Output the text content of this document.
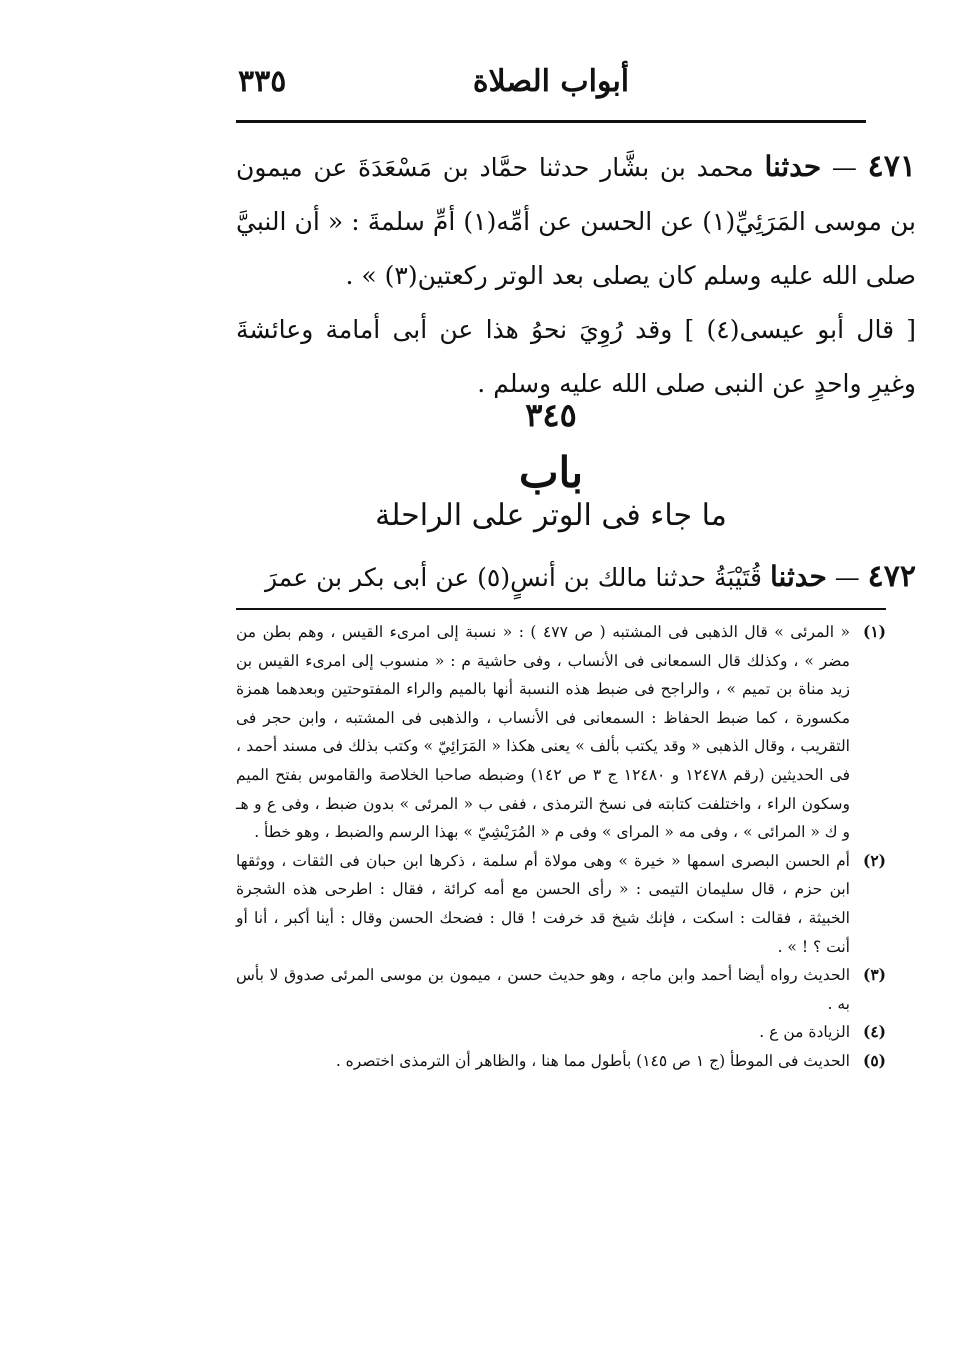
أبواب الصلاة
٣٣٥

٤٧١ — حدثنا محمد بن بشَّار حدثنا حمَّاد بن مَسْعَدَةَ عن ميمون بن موسى المَرَئِيِّ(١) عن الحسن عن أمِّه(١) أمِّ سلمةَ : « أن النبيَّ صلى الله عليه وسلم كان يصلى بعد الوتر ركعتين(٣) » .

[ قال أبو عيسى(٤) ] وقد رُوِيَ نحوُ هذا عن أبى أمامة وعائشةَ وغيرِ واحدٍ عن النبى صلى الله عليه وسلم .

٣٤٥
باب
ما جاء فى الوتر على الراحلة

٤٧٢ — حدثنا قُتَيْبَةُ حدثنا مالك بن أنسٍ(٥) عن أبى بكر بن عمرَ

(١)
« المرئى » قال الذهبى فى المشتبه ( ص ٤٧٧ ) : « نسبة إلى امرىء القيس ، وهم بطن من مضر » ، وكذلك قال السمعانى فى الأنساب ، وفى حاشية م : « منسوب إلى امرىء القيس بن زيد مناة بن تميم » ، والراجح فى ضبط هذه النسبة أنها بالميم والراء المفتوحتين وبعدهما همزة مكسورة ، كما ضبط الحفاظ : السمعانى فى الأنساب ، والذهبى فى المشتبه ، وابن حجر فى التقريب ، وقال الذهبى « وقد يكتب بألف » يعنى هكذا « المَرَائِيّ » وكتب بذلك فى مسند أحمد ، فى الحديثين (رقم ١٢٤٧٨ و ١٢٤٨٠ ج ٣ ص ١٤٢) وضبطه صاحبا الخلاصة والقاموس بفتح الميم وسكون الراء ، واختلفت كتابته فى نسخ الترمذى ، ففى ب « المرئى » بدون ضبط ، وفى ع و هـ و ك « المرائى » ، وفى مه « المراى » وفى م « المُرَيْشِيّ » بهذا الرسم والضبط ، وهو خطأ .

(٢)
أم الحسن البصرى اسمها « خيرة » وهى مولاة أم سلمة ، ذكرها ابن حبان فى الثقات ، ووثقها ابن حزم ، قال سليمان التيمى : « رأى الحسن مع أمه كرائة ، فقال : اطرحى هذه الشجرة الخبيثة ، فقالت : اسكت ، فإنك شيخ قد خرفت ! قال : فضحك الحسن وقال : أينا أكبر ، أنا أو أنت ؟ ! » .

(٣)
الحديث رواه أيضا أحمد وابن ماجه ، وهو حديث حسن ، ميمون بن موسى المرئى صدوق لا بأس به .

(٤)
الزيادة من ع .

(٥)
الحديث فى الموطأ (ج ١ ص ١٤٥) بأطول مما هنا ، والظاهر أن الترمذى اختصره .
